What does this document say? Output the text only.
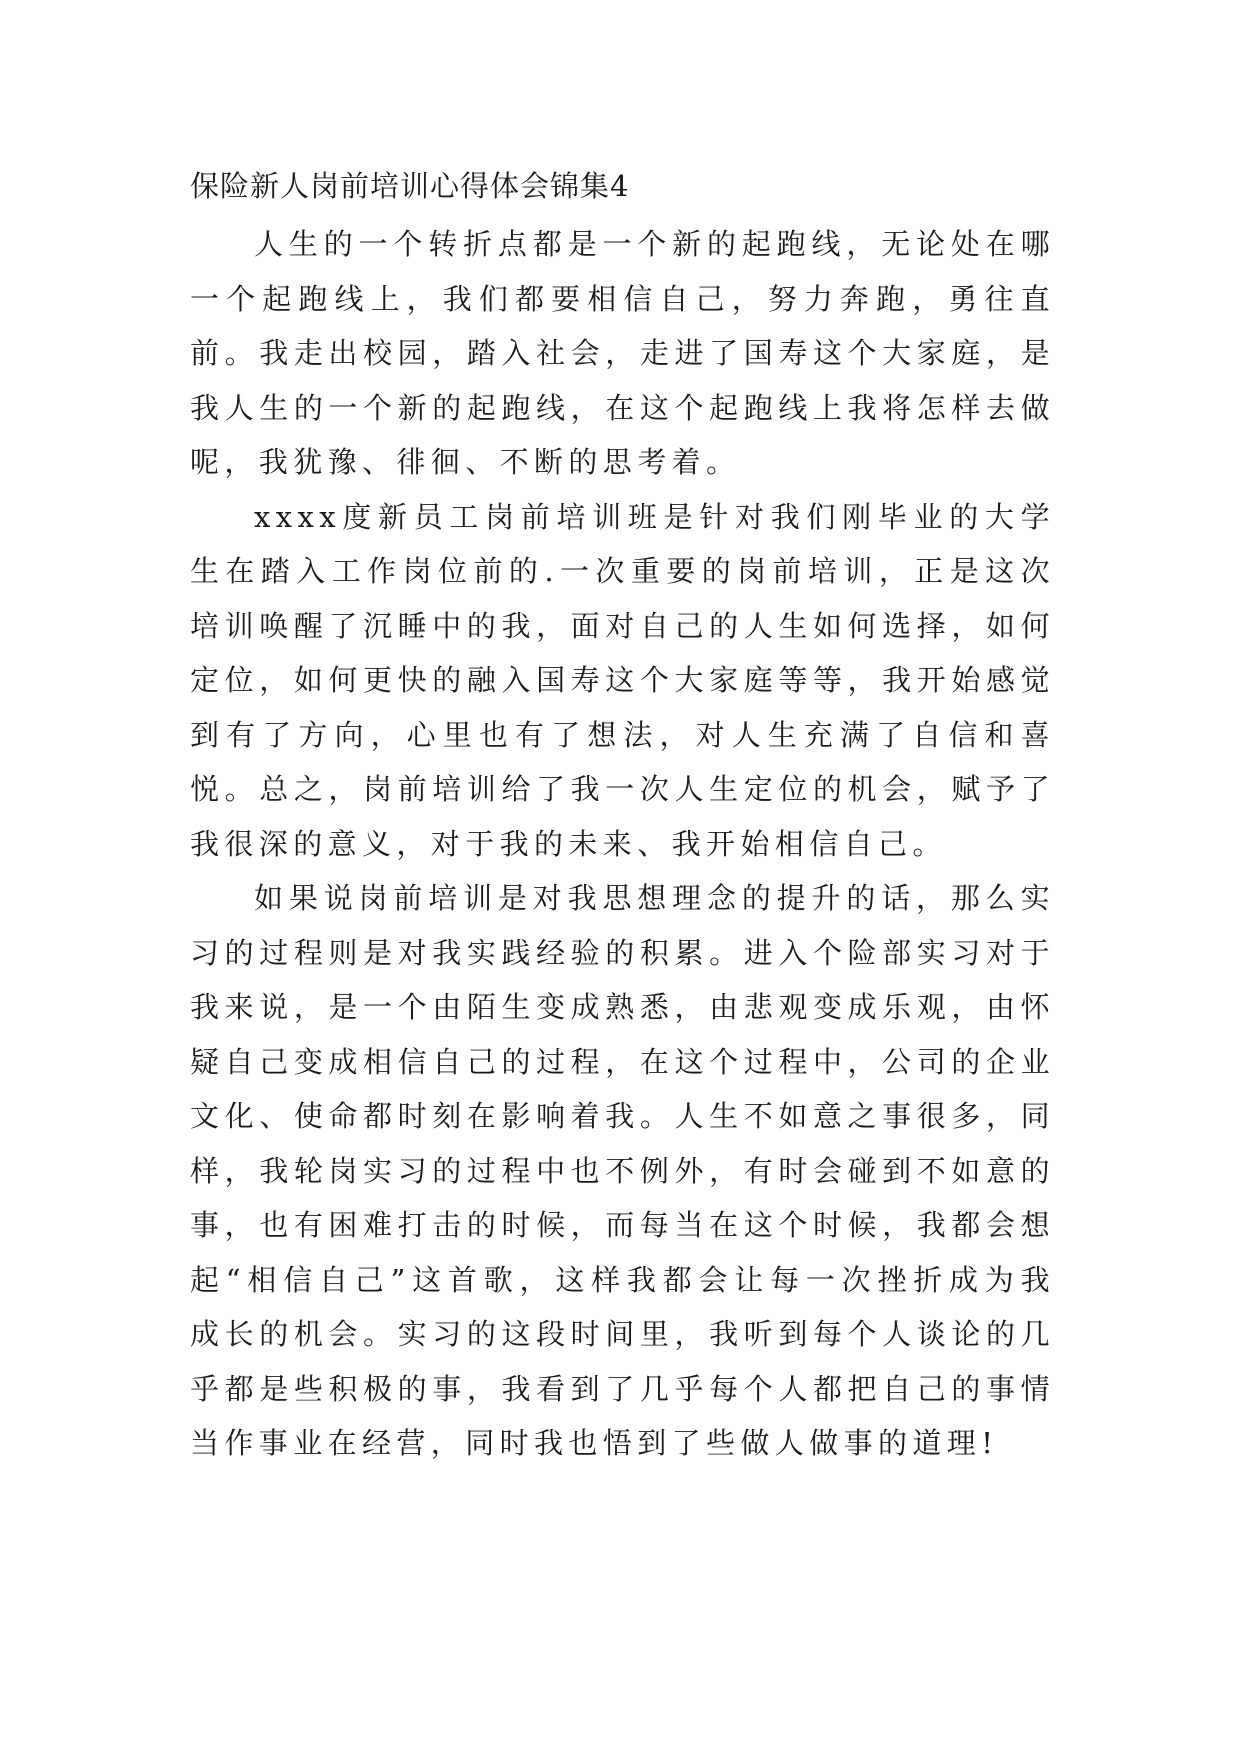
保险新人岗前培训心得体会锦集4

人生的一个转折点都是一个新的起跑线，无论处在哪一个起跑线上，我们都要相信自己，努力奔跑，勇往直前。我走出校园，踏入社会，走进了国寿这个大家庭，是我人生的一个新的起跑线，在这个起跑线上我将怎样去做呢，我犹豫、徘徊、不断的思考着。

xxxx度新员工岗前培训班是针对我们刚毕业的大学生在踏入工作岗位前的.一次重要的岗前培训，正是这次培训唤醒了沉睡中的我，面对自己的人生如何选择，如何定位，如何更快的融入国寿这个大家庭等等，我开始感觉到有了方向，心里也有了想法，对人生充满了自信和喜悦。总之，岗前培训给了我一次人生定位的机会，赋予了我很深的意义，对于我的未来、我开始相信自己。

如果说岗前培训是对我思想理念的提升的话，那么实习的过程则是对我实践经验的积累。进入个险部实习对于我来说，是一个由陌生变成熟悉，由悲观变成乐观，由怀疑自己变成相信自己的过程，在这个过程中，公司的企业文化、使命都时刻在影响着我。人生不如意之事很多，同样，我轮岗实习的过程中也不例外，有时会碰到不如意的事，也有困难打击的时候，而每当在这个时候，我都会想起“相信自己”这首歌，这样我都会让每一次挫折成为我成长的机会。实习的这段时间里，我听到每个人谈论的几乎都是些积极的事，我看到了几乎每个人都把自己的事情当作事业在经营，同时我也悟到了些做人做事的道理!
